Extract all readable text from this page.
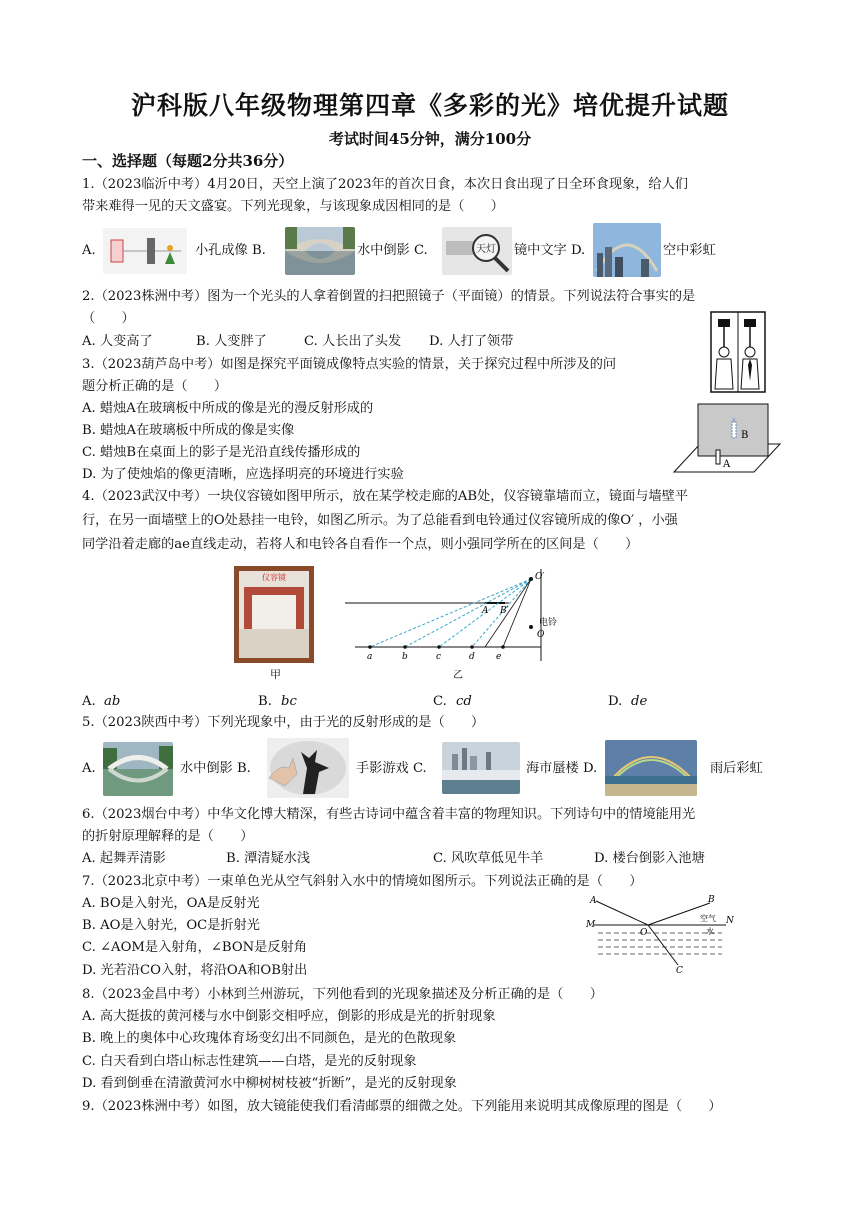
沪科版八年级物理第四章《多彩的光》培优提升试题
考试时间45分钟，满分100分
一、选择题（每题2分共36分）
1.（2023临沂中考）4月20日，天空上演了2023年的首次日食，本次日食出现了日全环食现象，给人们
带来难得一见的天文盛宴。下列光现象，与该现象成因相同的是（　　）
A.	小孔成像 B.	水中倒影 C.	天灯 镜中文字 D.	空中彩虹
2.（2023株洲中考）图为一个光头的人拿着倒置的扫把照镜子（平面镜）的情景。下列说法符合事实的是
（　　）
A. 人变高了	B. 人变胖了	C. 人长出了头发 D. 人打了领带
3.（2023葫芦岛中考）如图是探究平面镜成像特点实验的情景，关于探究过程中所涉及的问
题分析正确的是（　　）
A. 蜡烛A在玻璃板中所成的像是光的漫反射形成的
B. 蜡烛A在玻璃板中所成的像是实像
C. 蜡烛B在桌面上的影子是光沿直线传播形成的
D. 为了使烛焰的像更清晰，应选择明亮的环境进行实验
B
A
4.（2023武汉中考）一块仪容镜如图甲所示，放在某学校走廊的AB处，仪容镜靠墙而立，镜面与墙壁平
行，在另一面墙壁上的O处悬挂一电铃，如图乙所示。为了总能看到电铃通过仪容镜所成的像O′ ，小强
同学沿着走廊的ae直线走动，若将人和电铃各自看作一个点，则小强同学所在的区间是（　　）
仪容镜
甲
O′
A B′
电铃
O
a	b	c	d e
乙
A. ab	B. bc	C. cd	D. de
5.（2023陕西中考）下列光现象中，由于光的反射形成的是（　　）
A.	水中倒影 B.	手影游戏 C.	海市蜃楼 D.	雨后彩虹
6.（2023烟台中考）中华文化博大精深，有些古诗词中蕴含着丰富的物理知识。下列诗句中的情境能用光
的折射原理解释的是（　　）
A. 起舞弄清影	B. 潭清疑水浅	C. 风吹草低见牛羊	D. 楼台倒影入池塘
7.（2023北京中考）一束单色光从空气斜射入水中的情境如图所示。下列说法正确的是（　　）
A. BO是入射光，OA是反射光
B. AO是入射光，OC是折射光
C. ∠AOM是入射角，∠BON是反射角
D. 光若沿CO入射，将沿OA和OB射出
A	B
M	N
O
C
空气
水
8.（2023金昌中考）小林到兰州游玩，下列他看到的光现象描述及分析正确的是（　　）
A. 高大挺拔的黄河楼与水中倒影交相呼应，倒影的形成是光的折射现象
B. 晚上的奥体中心玫瑰体育场变幻出不同颜色，是光的色散现象
C. 白天看到白塔山标志性建筑——白塔，是光的反射现象
D. 看到倒垂在清澈黄河水中柳树树枝被“折断”，是光的反射现象
9.（2023株洲中考）如图，放大镜能使我们看清邮票的细微之处。下列能用来说明其成像原理的图是（　　）
